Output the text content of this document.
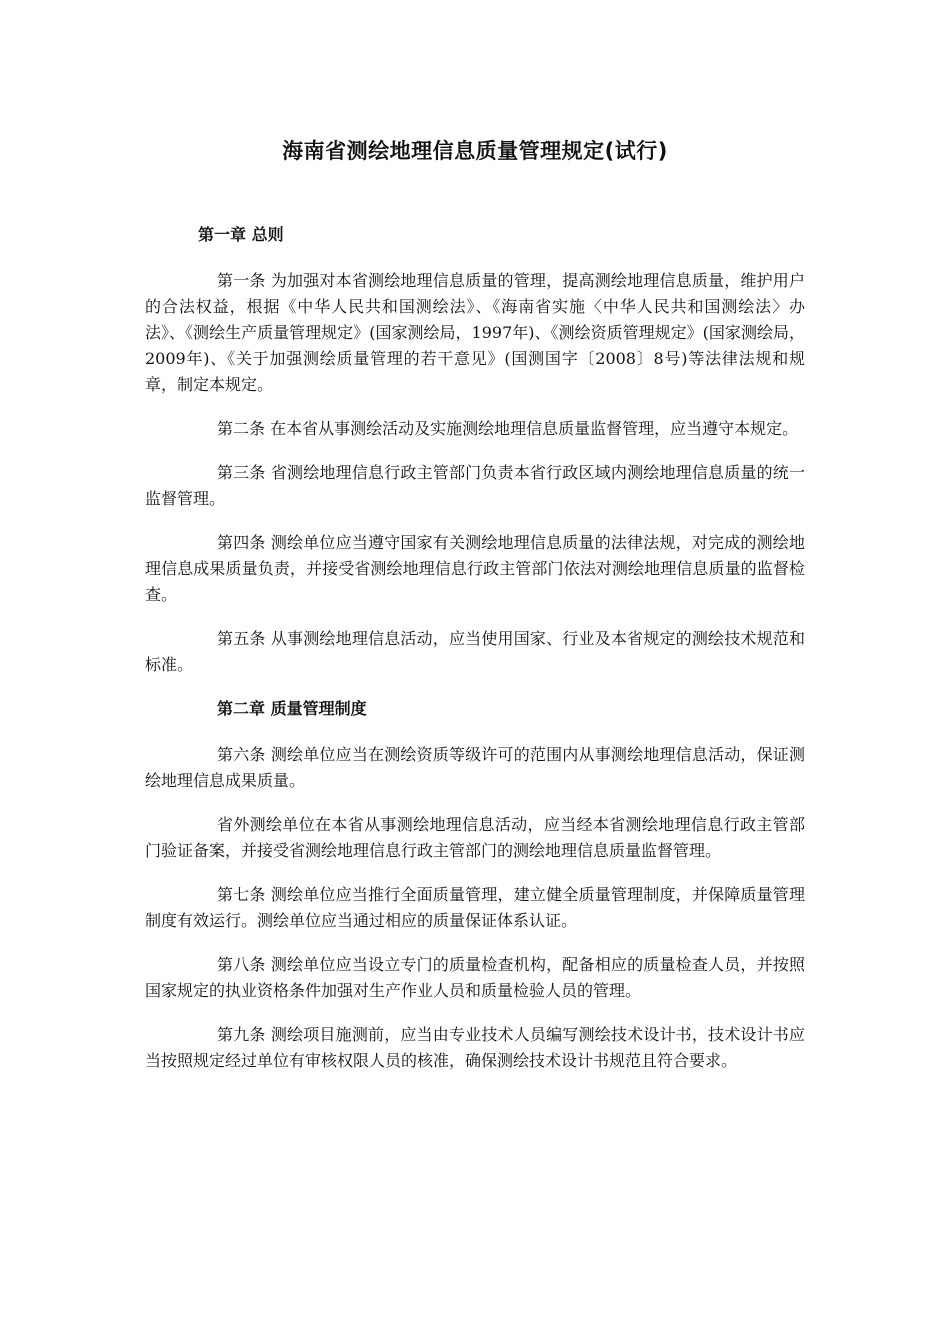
海南省测绘地理信息质量管理规定(试行)

第一章 总则

第一条 为加强对本省测绘地理信息质量的管理，提高测绘地理信息质量，维护用户的合法权益，根据《中华人民共和国测绘法》、《海南省实施〈中华人民共和国测绘法〉办法》、《测绘生产质量管理规定》(国家测绘局，1997年)、《测绘资质管理规定》(国家测绘局，2009年)、《关于加强测绘质量管理的若干意见》(国测国字〔2008〕8号)等法律法规和规章，制定本规定。

第二条 在本省从事测绘活动及实施测绘地理信息质量监督管理，应当遵守本规定。

第三条 省测绘地理信息行政主管部门负责本省行政区域内测绘地理信息质量的统一监督管理。

第四条 测绘单位应当遵守国家有关测绘地理信息质量的法律法规，对完成的测绘地理信息成果质量负责，并接受省测绘地理信息行政主管部门依法对测绘地理信息质量的监督检查。

第五条 从事测绘地理信息活动，应当使用国家、行业及本省规定的测绘技术规范和标准。

第二章 质量管理制度

第六条 测绘单位应当在测绘资质等级许可的范围内从事测绘地理信息活动，保证测绘地理信息成果质量。

省外测绘单位在本省从事测绘地理信息活动，应当经本省测绘地理信息行政主管部门验证备案，并接受省测绘地理信息行政主管部门的测绘地理信息质量监督管理。

第七条 测绘单位应当推行全面质量管理，建立健全质量管理制度，并保障质量管理制度有效运行。测绘单位应当通过相应的质量保证体系认证。

第八条 测绘单位应当设立专门的质量检查机构，配备相应的质量检查人员，并按照国家规定的执业资格条件加强对生产作业人员和质量检验人员的管理。

第九条 测绘项目施测前，应当由专业技术人员编写测绘技术设计书，技术设计书应当按照规定经过单位有审核权限人员的核准，确保测绘技术设计书规范且符合要求。
